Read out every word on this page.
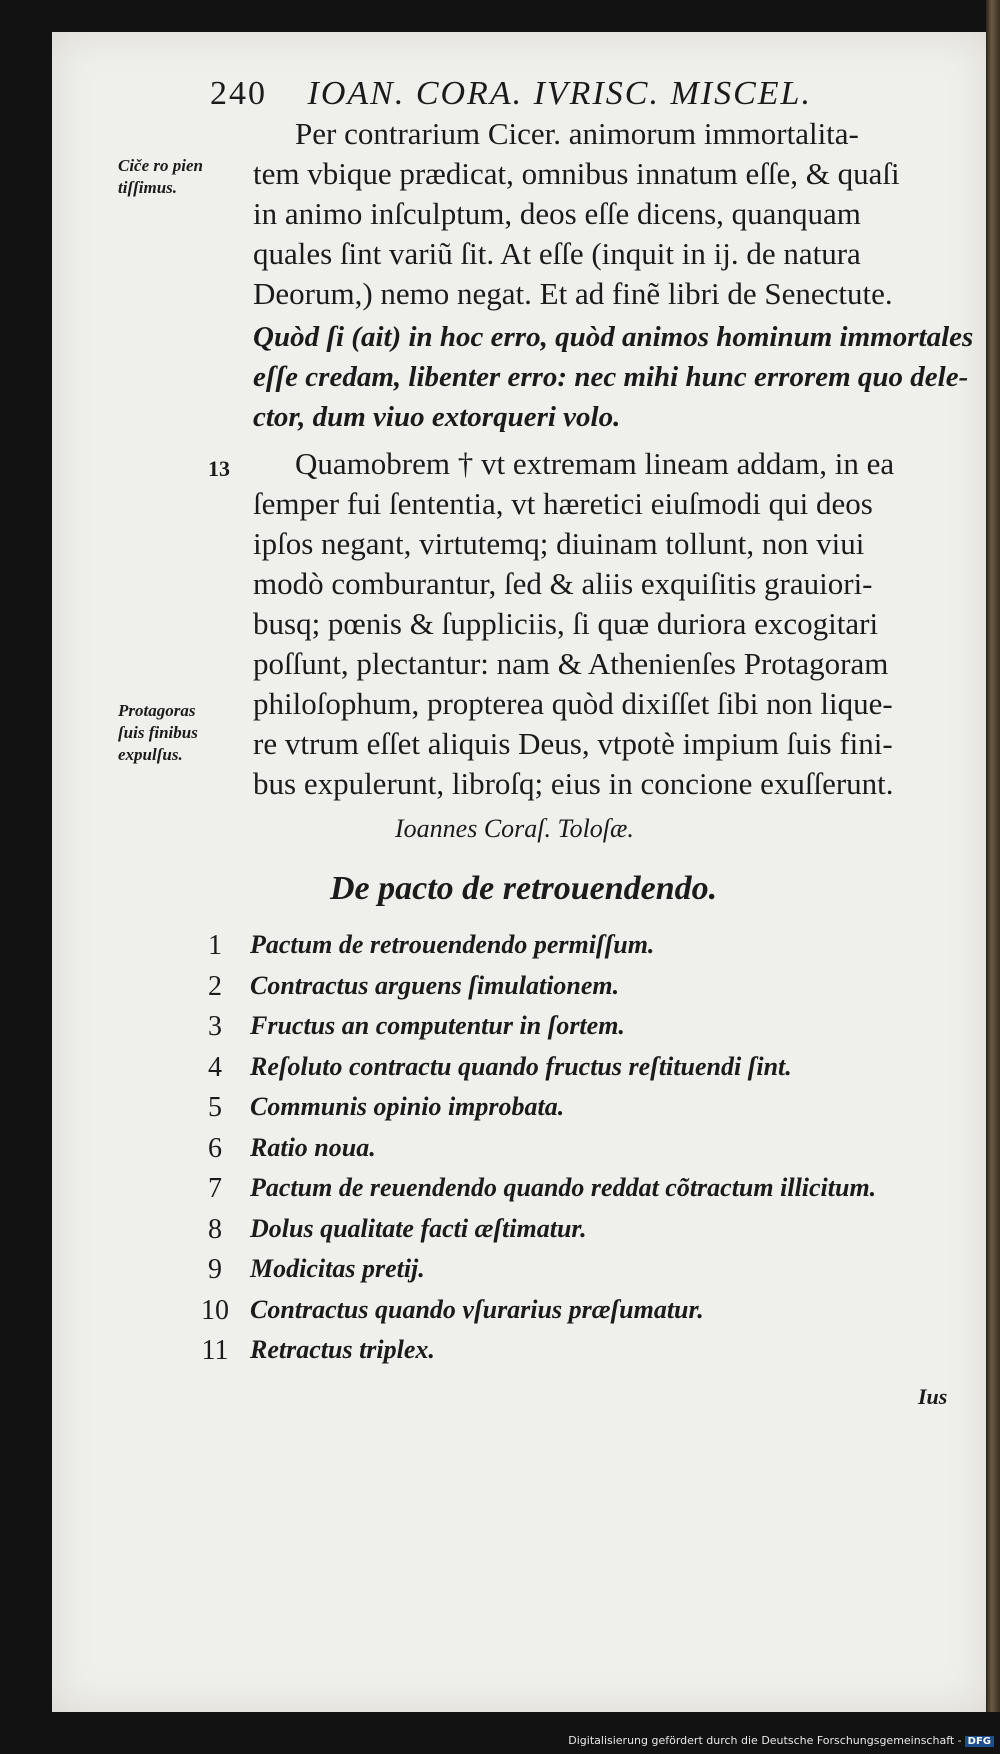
240 IOAN. CORA. IVRISC. MISCEL.
Ciče ro pien
tiſſimus.
13
Protagoras
ſuis finibus
expulſus.
Per contrarium Cicer. animorum immortalita-
tem vbique prædicat, omnibus innatum eſſe, & quaſi
in animo inſculptum, deos eſſe dicens, quanquam
quales ſint variũ ſit. At eſſe (inquit in ij. de natura
Deorum,) nemo negat. Et ad finẽ libri de Senectute.
Quòd ſi (ait) in hoc erro, quòd animos hominum immortales
eſſe credam, libenter erro: nec mihi hunc errorem quo dele-
ctor, dum viuo extorqueri volo.
Quamobrem † vt extremam lineam addam, in ea
ſemper fui ſententia, vt hæretici eiuſmodi qui deos
ipſos negant, virtutemq; diuinam tollunt, non viui
modò comburantur, ſed & aliis exquiſitis grauiori-
busq; pœnis & ſuppliciis, ſi quæ duriora excogitari
poſſunt, plectantur: nam & Athenienſes Protagoram
philoſophum, propterea quòd dixiſſet ſibi non lique-
re vtrum eſſet aliquis Deus, vtpotè impium ſuis fini-
bus expulerunt, libroſq; eius in concione exuſſerunt.
Ioannes Coraſ. Toloſæ.
De pacto de retrouendendo.
1	Pactum de retrouendendo permiſſum.
2	Contractus arguens ſimulationem.
3	Fructus an computentur in ſortem.
4	Reſoluto contractu quando fructus reſtituendi ſint.
5	Communis opinio improbata.
6	Ratio noua.
7	Pactum de reuendendo quando reddat cõtractum illicitum.
8	Dolus qualitate facti æſtimatur.
9	Modicitas pretij.
10 Contractus quando vſurarius præſumatur.
11 Retractus triplex.
Ius
Digitalisierung gefördert durch die Deutsche Forschungsgemeinschaft - DFG
